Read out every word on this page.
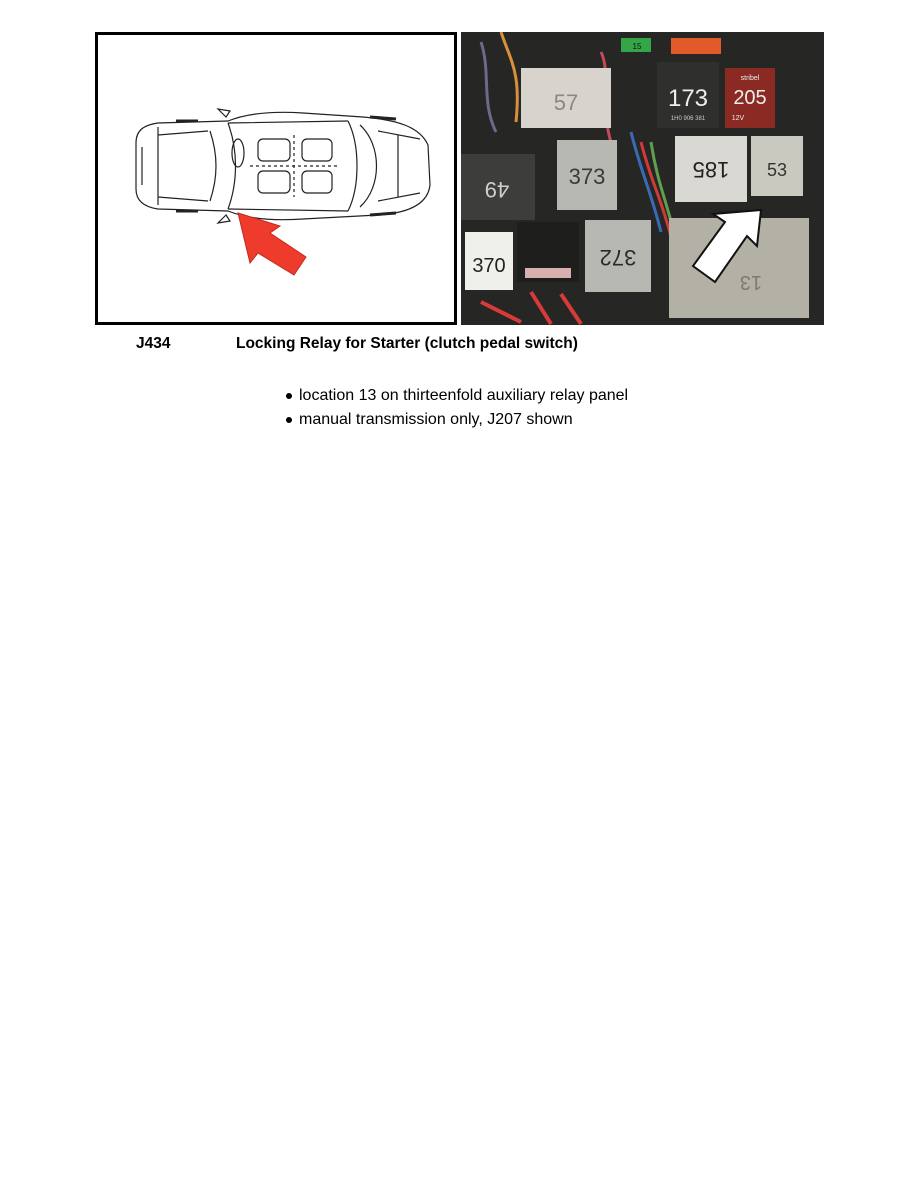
15
57	173
1H0 906 381
stribel
205
12V
49
373	185 53
370	372
13
J434	Locking Relay for Starter (clutch pedal switch)
location 13 on thirteenfold auxiliary relay panel
manual transmission only, J207 shown
